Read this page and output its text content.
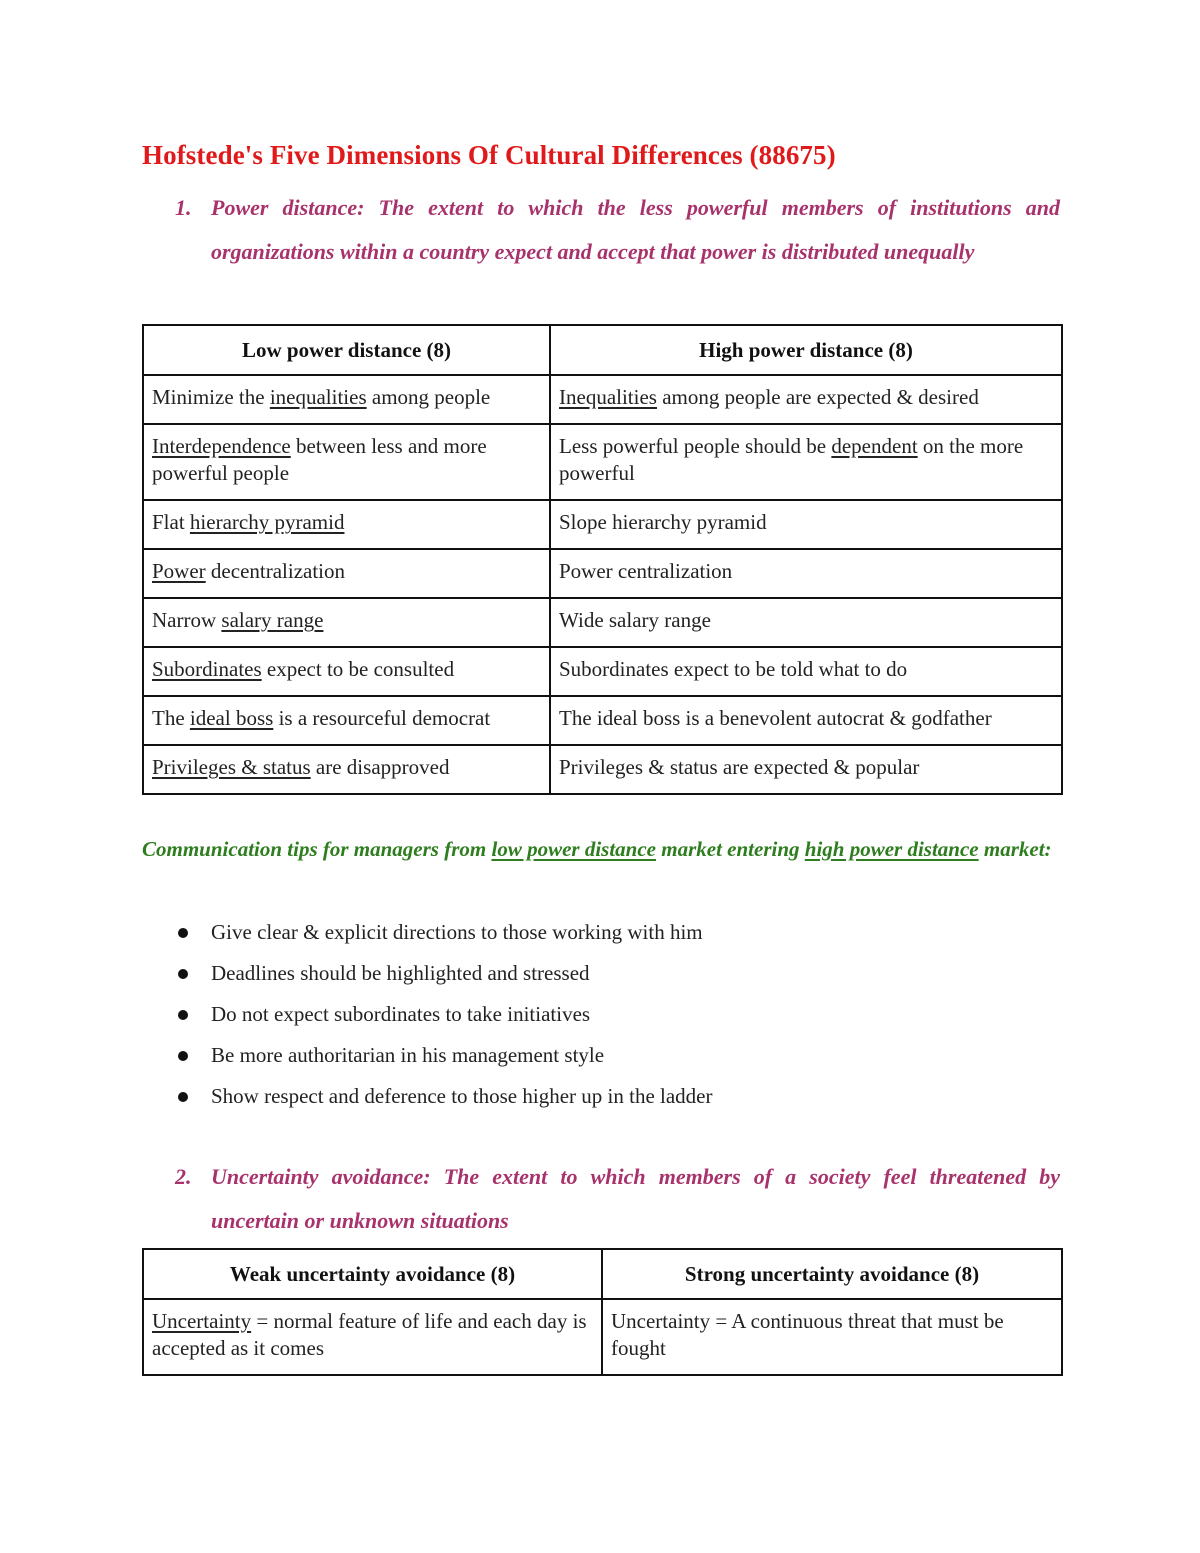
Hofstede's Five Dimensions Of Cultural Differences (88675)
1. Power distance: The extent to which the less powerful members of institutions and organizations within a country expect and accept that power is distributed unequally
Low power distance (8)	High power distance (8)
Minimize the inequalities among people	Inequalities among people are expected & desired
Interdependence between less and more powerful people	Less powerful people should be dependent on the more powerful
Flat hierarchy pyramid	Slope hierarchy pyramid
Power decentralization	Power centralization
Narrow salary range	Wide salary range
Subordinates expect to be consulted	Subordinates expect to be told what to do
The ideal boss is a resourceful democrat	The ideal boss is a benevolent autocrat & godfather
Privileges & status are disapproved	Privileges & status are expected & popular
Communication tips for managers from low power distance market entering high power distance market:
Give clear & explicit directions to those working with him
Deadlines should be highlighted and stressed
Do not expect subordinates to take initiatives
Be more authoritarian in his management style
Show respect and deference to those higher up in the ladder
2. Uncertainty avoidance: The extent to which members of a society feel threatened by uncertain or unknown situations
Weak uncertainty avoidance (8)	Strong uncertainty avoidance (8)
Uncertainty = normal feature of life and each day is accepted as it comes	Uncertainty = A continuous threat that must be fought
